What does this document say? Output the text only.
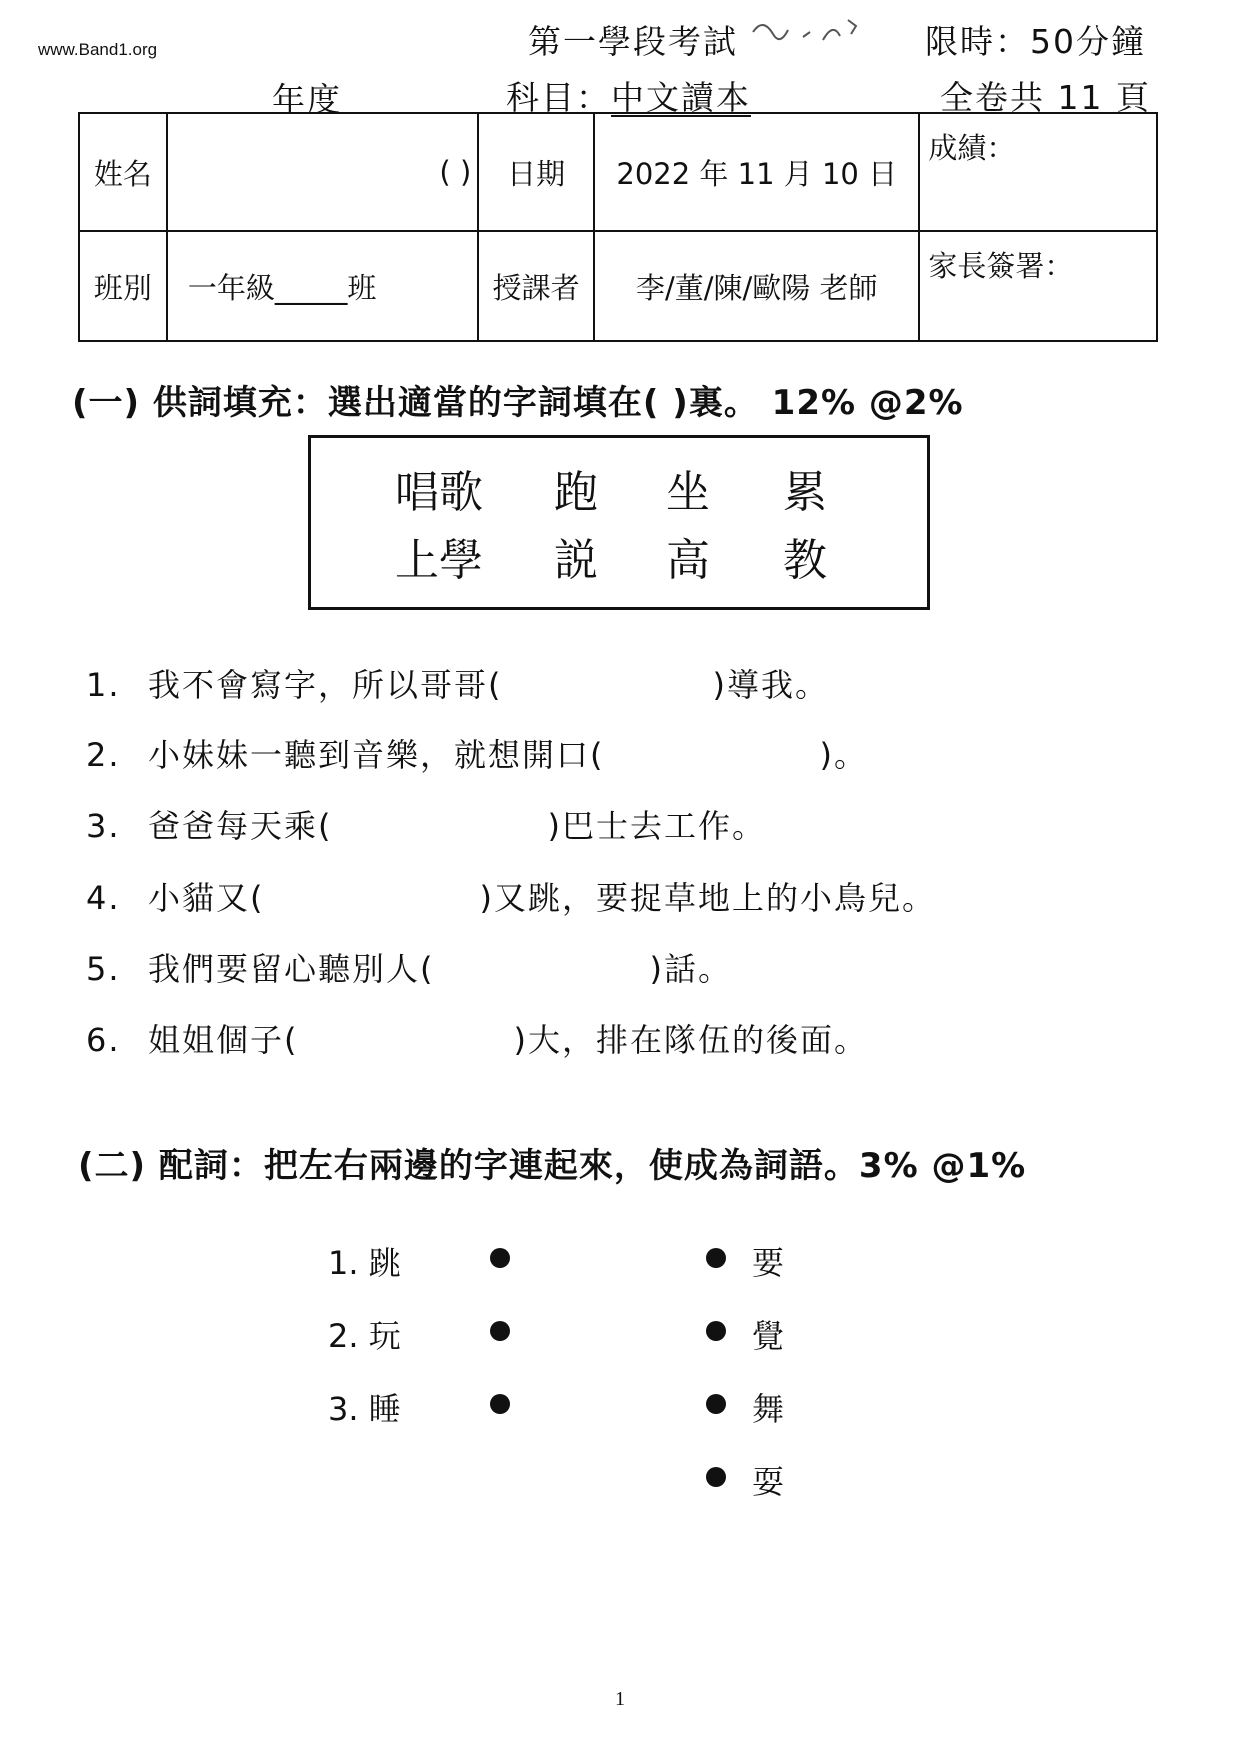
www.Band1.org	第一學段考試	限時：50分鐘
年度	科目：中文讀本	全卷共 11 頁
姓名	( )	日期	2022 年 11 月 10 日	成績：
班別	一年級_____班	授課者	李/董/陳/歐陽 老師	家長簽署：
(一) 供詞填充：選出適當的字詞填在( )裏。 12% @2%
唱歌 跑 坐 累
上學 説 高 教
1. 我不會寫字，所以哥哥(	)導我。
2. 小妹妹一聽到音樂，就想開口(	)。
3. 爸爸每天乘(	)巴士去工作。
4. 小貓又(	)又跳，要捉草地上的小鳥兒。
5. 我們要留心聽別人(	)話。
6. 姐姐個子(	)大，排在隊伍的後面。
(二) 配詞：把左右兩邊的字連起來，使成為詞語。3% @1%
1. 跳
2. 玩
3. 睡
要
覺
舞
耍
1
